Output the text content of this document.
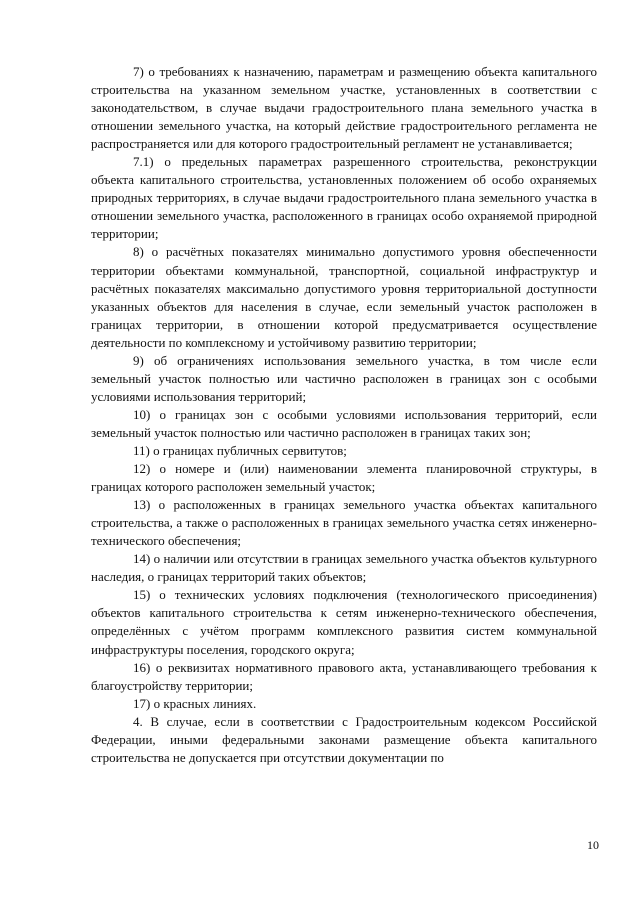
7) о требованиях к назначению, параметрам и размещению объекта капитального строительства на указанном земельном участке, установленных в соответствии с законодательством, в случае выдачи градостроительного плана земельного участка в отношении земельного участка, на который действие градостроительного регламента не распространяется или для которого градостроительный регламент не устанавливается;

7.1) о предельных параметрах разрешенного строительства, реконструкции объекта капитального строительства, установленных положением об особо охраняемых природных территориях, в случае выдачи градостроительного плана земельного участка в отношении земельного участка, расположенного в границах особо охраняемой природной территории;

8) о расчётных показателях минимально допустимого уровня обеспеченности территории объектами коммунальной, транспортной, социальной инфраструктур и расчётных показателях максимально допустимого уровня территориальной доступности указанных объектов для населения в случае, если земельный участок расположен в границах территории, в отношении которой предусматривается осуществление деятельности по комплексному и устойчивому развитию территории;

9) об ограничениях использования земельного участка, в том числе если земельный участок полностью или частично расположен в границах зон с особыми условиями использования территорий;

10) о границах зон с особыми условиями использования территорий, если земельный участок полностью или частично расположен в границах таких зон;

11) о границах публичных сервитутов;

12) о номере и (или) наименовании элемента планировочной структуры, в границах которого расположен земельный участок;

13) о расположенных в границах земельного участка объектах капитального строительства, а также о расположенных в границах земельного участка сетях инженерно-технического обеспечения;

14) о наличии или отсутствии в границах земельного участка объектов культурного наследия, о границах территорий таких объектов;

15) о технических условиях подключения (технологического присоединения) объектов капитального строительства к сетям инженерно-технического обеспечения, определённых с учётом программ комплексного развития систем коммунальной инфраструктуры поселения, городского округа;

16) о реквизитах нормативного правового акта, устанавливающего требования к благоустройству территории;

17) о красных линиях.

4. В случае, если в соответствии с Градостроительным кодексом Российской Федерации, иными федеральными законами размещение объекта капитального строительства не допускается при отсутствии документации по

10
